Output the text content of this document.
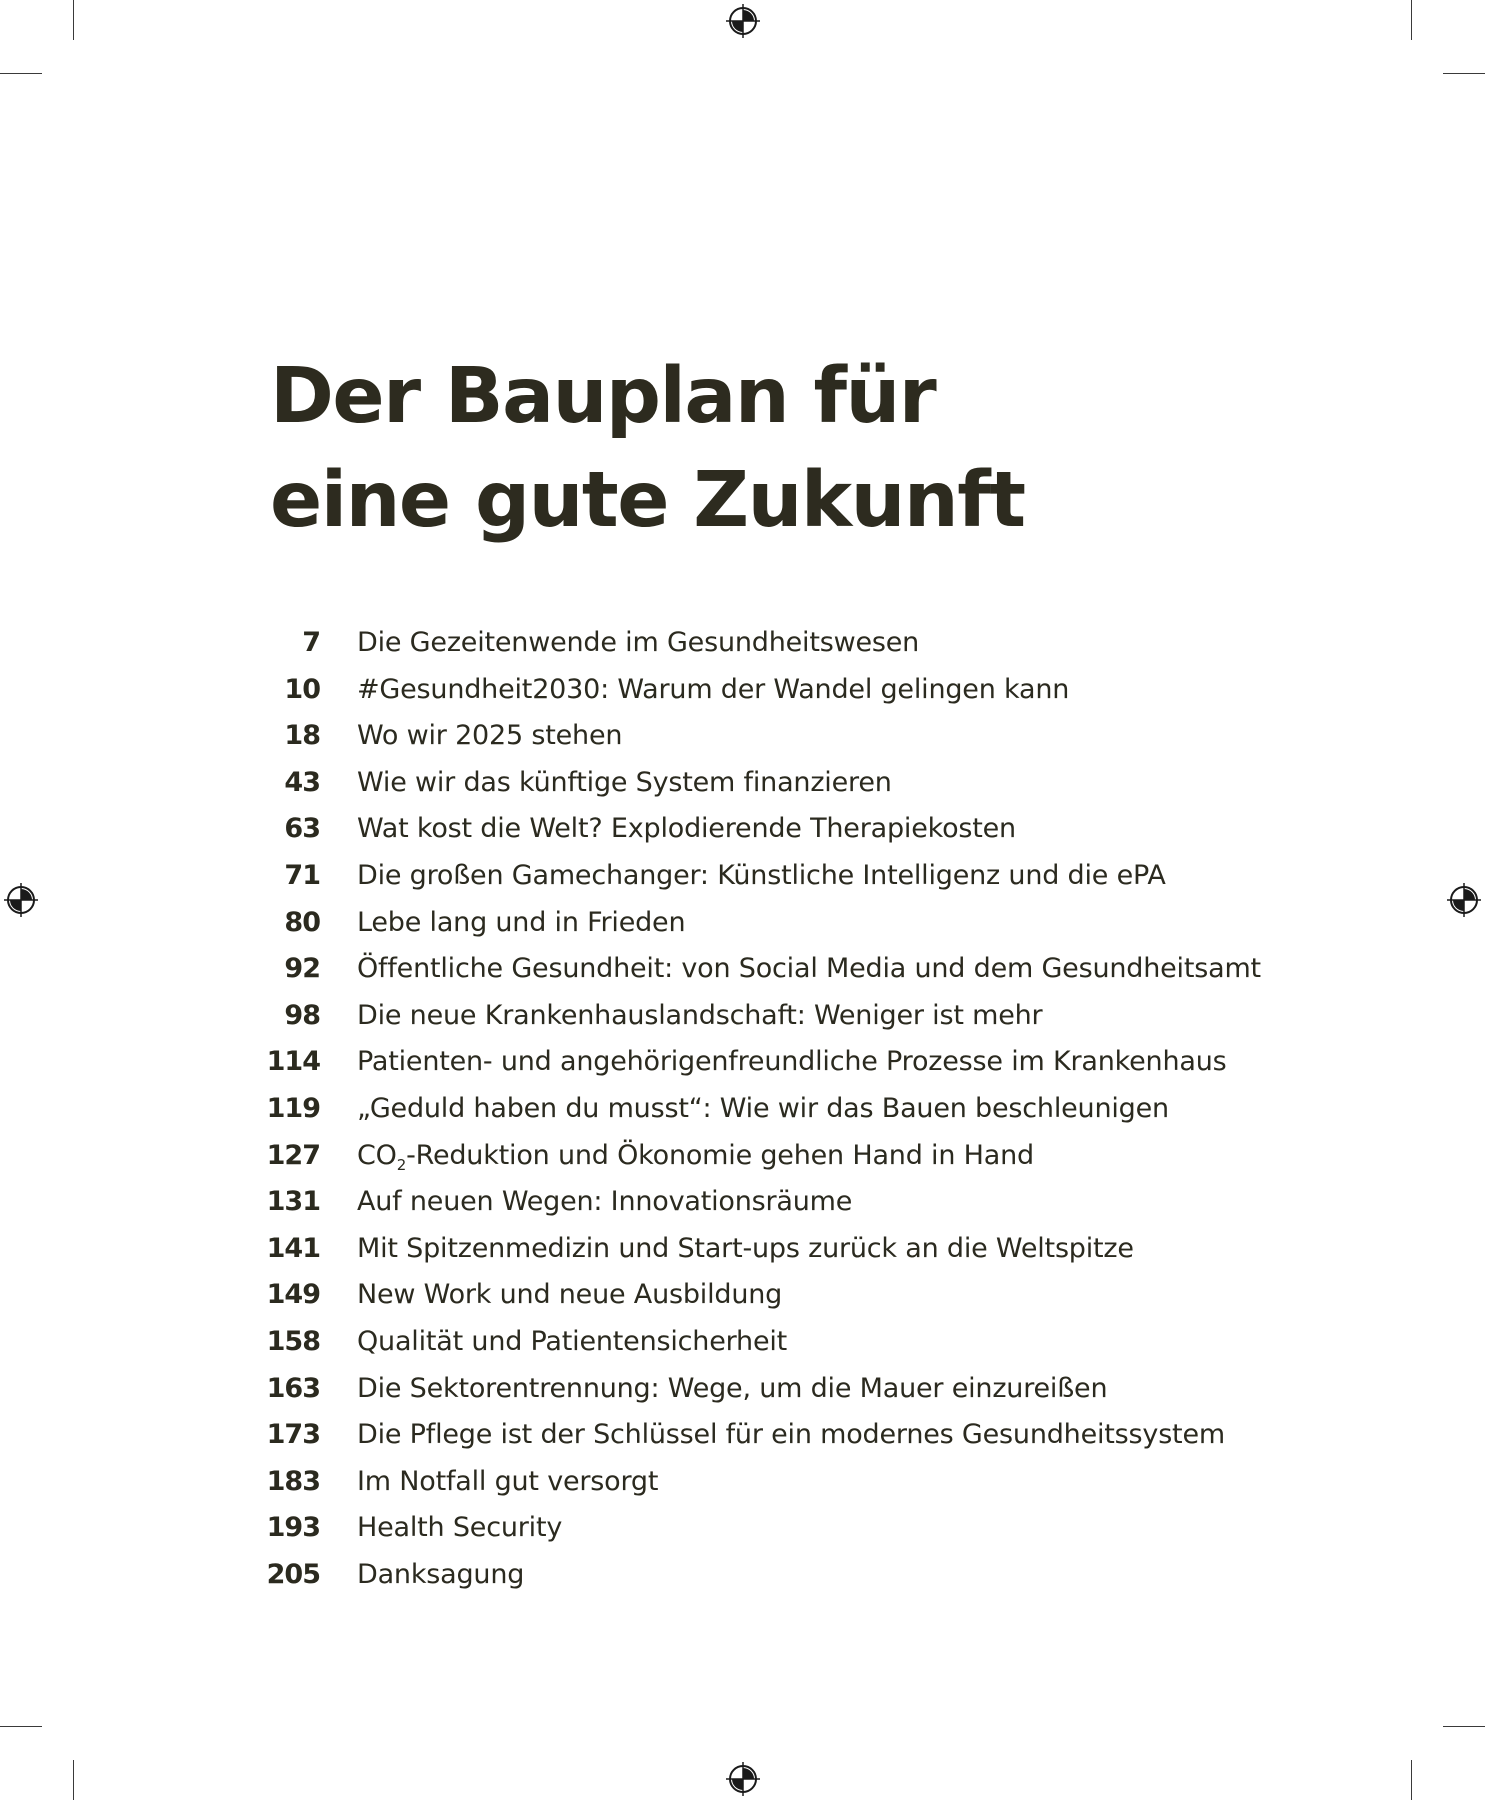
Der Bauplan für
eine gute Zukunft
7 Die Gezeitenwende im Gesundheitswesen
10 #Gesundheit2030: Warum der Wandel gelingen kann
18 Wo wir 2025 stehen
43 Wie wir das künftige System finanzieren
63 Wat kost die Welt? Explodierende Therapiekosten
71 Die großen Gamechanger: Künstliche Intelligenz und die ePA
80 Lebe lang und in Frieden
92 Öffentliche Gesundheit: von Social Media und dem Gesundheitsamt
98 Die neue Krankenhauslandschaft: Weniger ist mehr
114 Patienten- und angehörigenfreundliche Prozesse im Krankenhaus
119 „Geduld haben du musst“: Wie wir das Bauen beschleunigen
127 $CO_2$-Reduktion und Ökonomie gehen Hand in Hand
131 Auf neuen Wegen: Innovationsräume
141 Mit Spitzenmedizin und Start-ups zurück an die Weltspitze
149 New Work und neue Ausbildung
158 Qualität und Patientensicherheit
163 Die Sektorentrennung: Wege, um die Mauer einzureißen
173 Die Pflege ist der Schlüssel für ein modernes Gesundheitssystem
183 Im Notfall gut versorgt
193 Health Security
205 Danksagung
